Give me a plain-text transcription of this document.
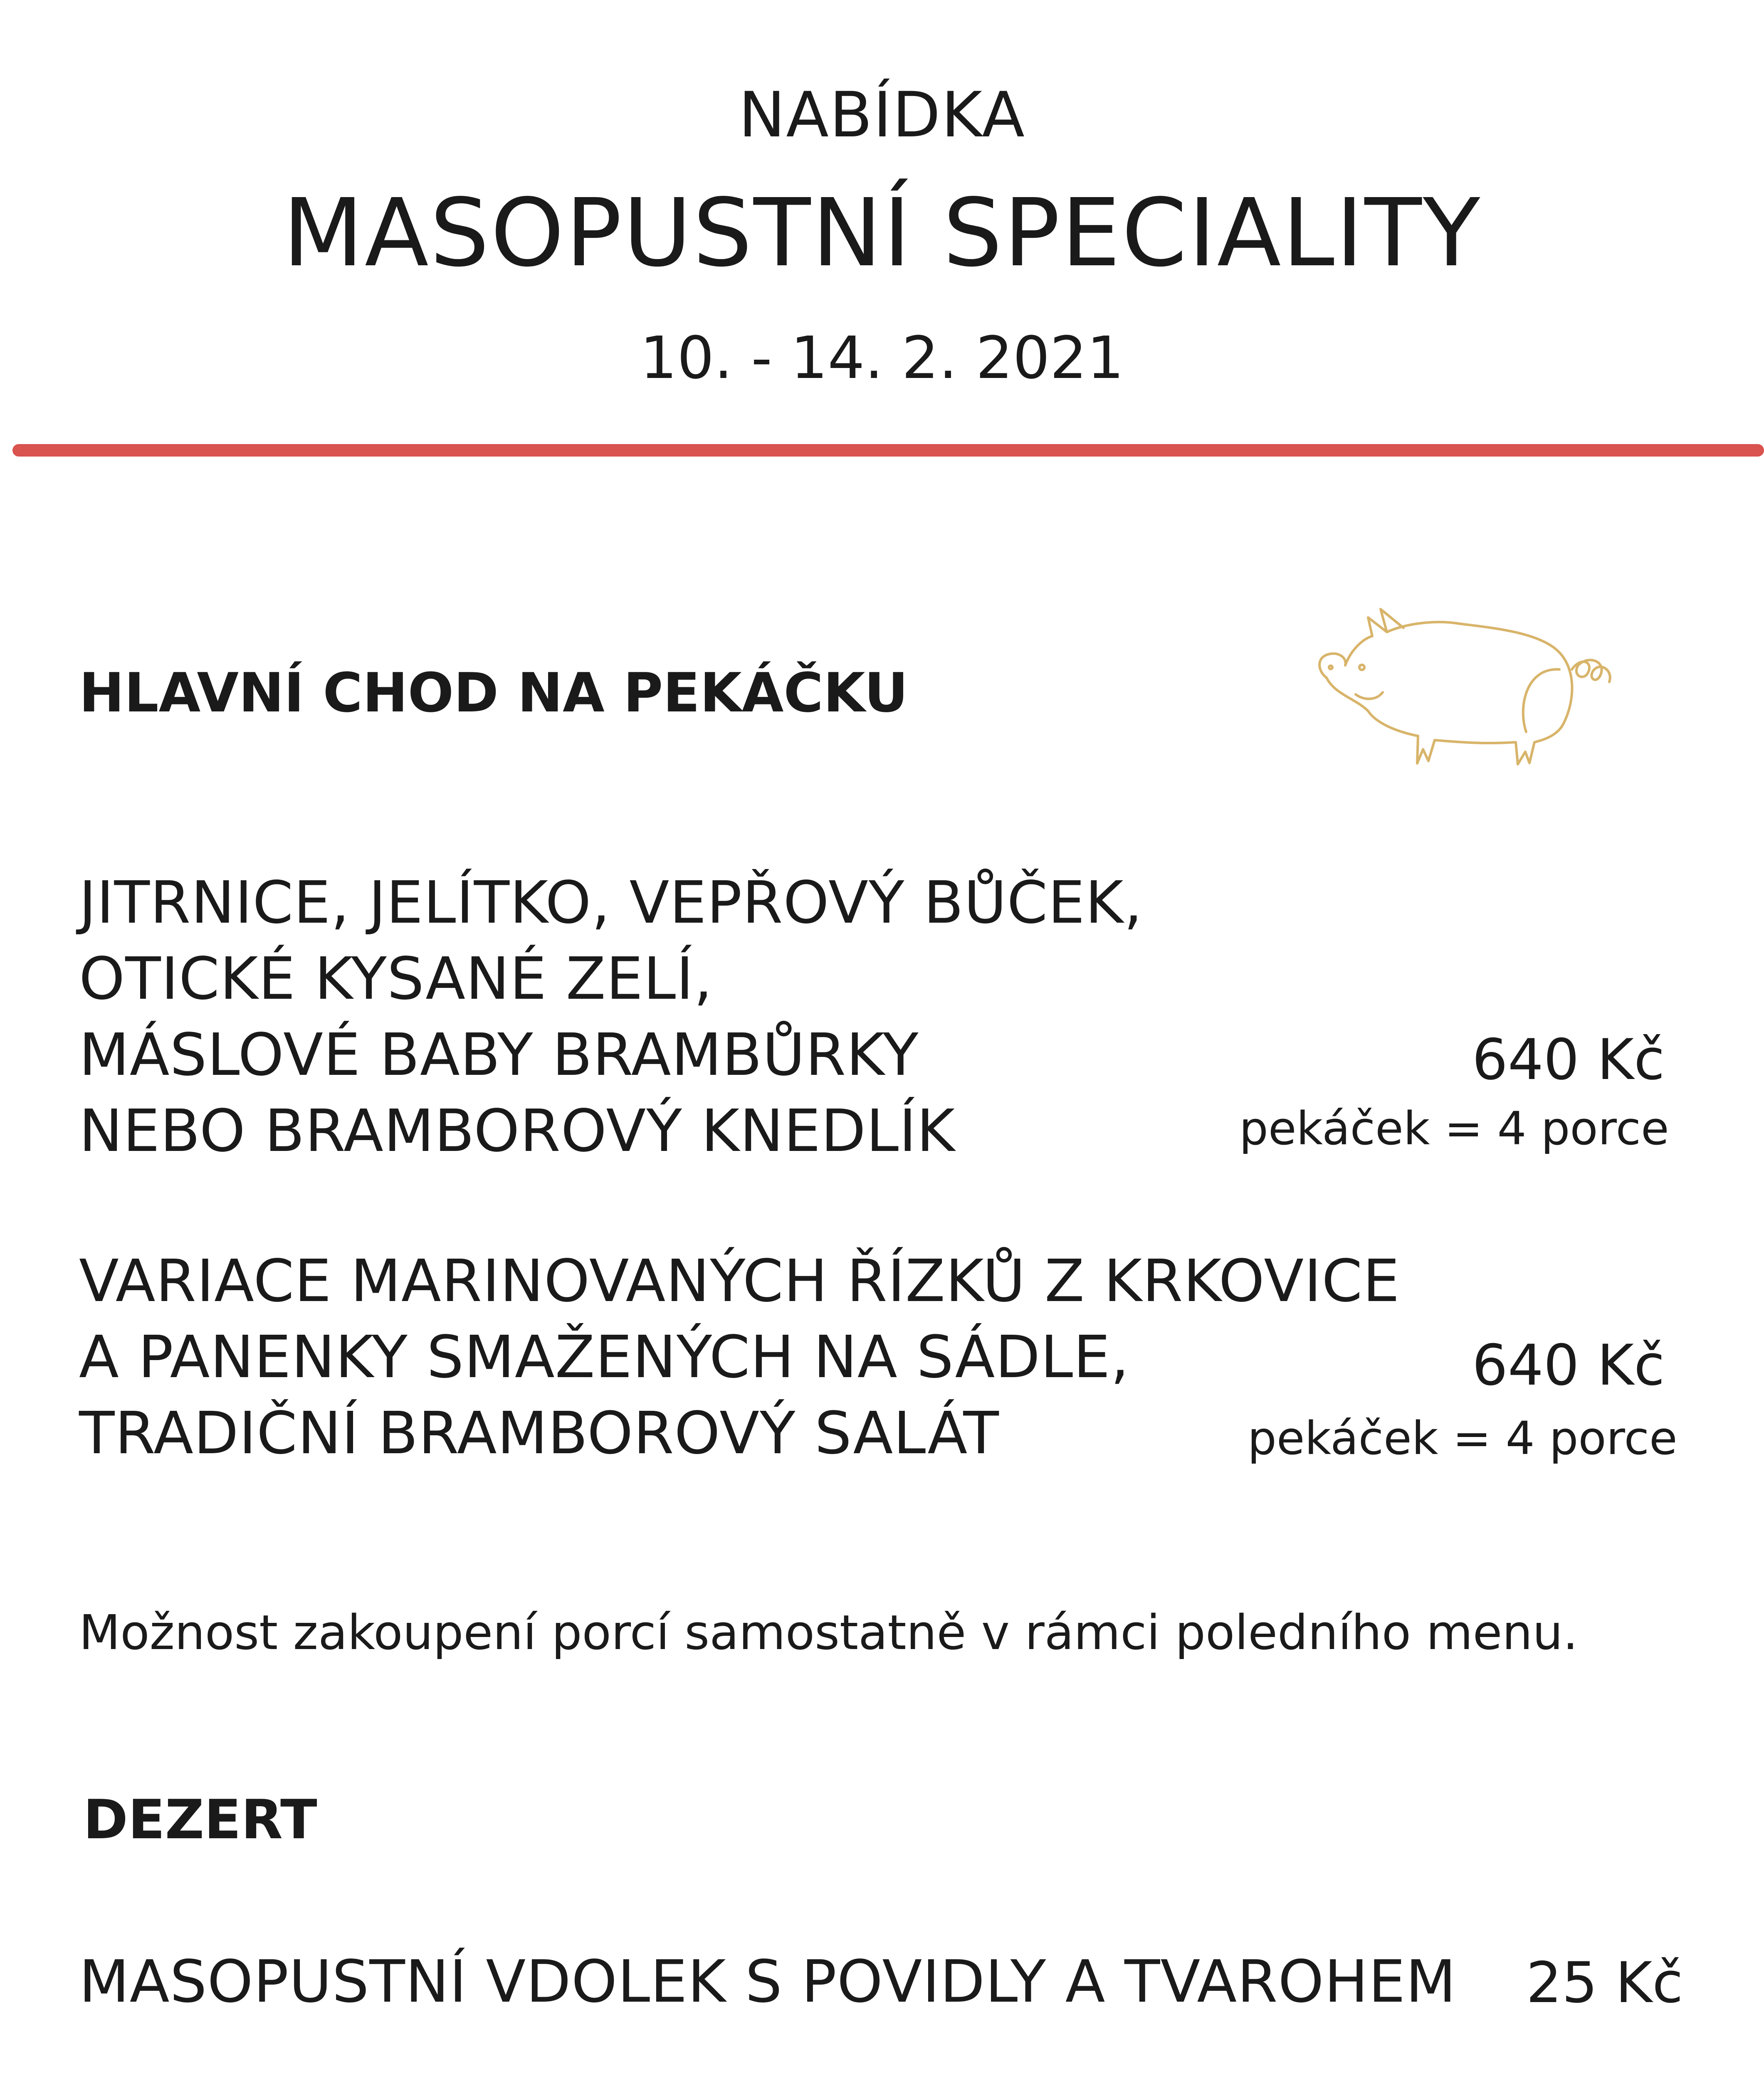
NABÍDKA
MASOPUSTNÍ SPECIALITY
10. - 14. 2. 2021
HLAVNÍ CHOD NA PEKÁČKU
JITRNICE, JELÍTKO, VEPŘOVÝ BŮČEK,
OTICKÉ KYSANÉ ZELÍ,
MÁSLOVÉ BABY BRAMBŮRKY
NEBO BRAMBOROVÝ KNEDLÍK
640 Kč
pekáček = 4 porce
VARIACE MARINOVANÝCH ŘÍZKŮ Z KRKOVICE
A PANENKY SMAŽENÝCH NA SÁDLE,
TRADIČNÍ BRAMBOROVÝ SALÁT
640 Kč
pekáček = 4 porce
Možnost zakoupení porcí samostatně v rámci poledního menu.
DEZERT
MASOPUSTNÍ VDOLEK S POVIDLY A TVAROHEM 25 Kč
